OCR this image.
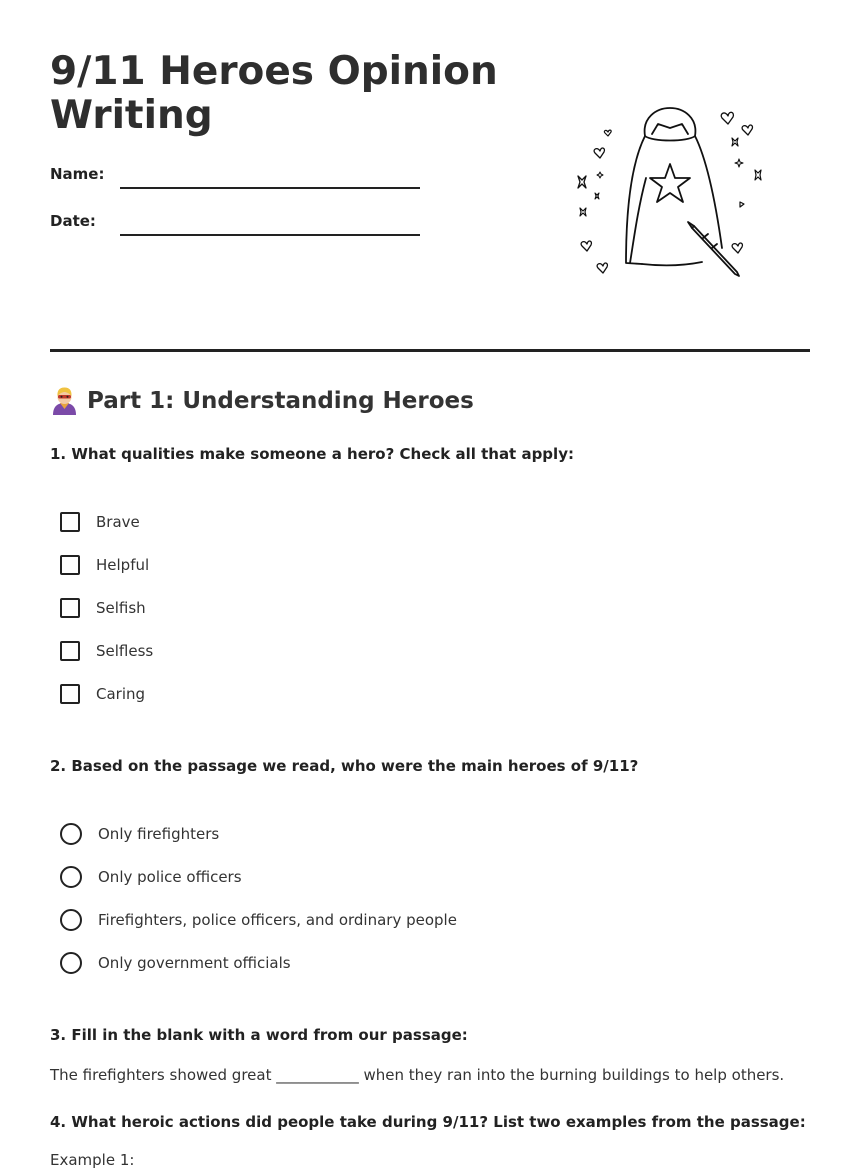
9/11 Heroes Opinion Writing
Name:
Date:
Part 1: Understanding Heroes
1. What qualities make someone a hero? Check all that apply:
Brave
Helpful
Selfish
Selfless
Caring
2. Based on the passage we read, who were the main heroes of 9/11?
Only firefighters
Only police officers
Firefighters, police officers, and ordinary people
Only government officials
3. Fill in the blank with a word from our passage:
The firefighters showed great ___________ when they ran into the burning buildings to help others.
4. What heroic actions did people take during 9/11? List two examples from the passage:
Example 1:
